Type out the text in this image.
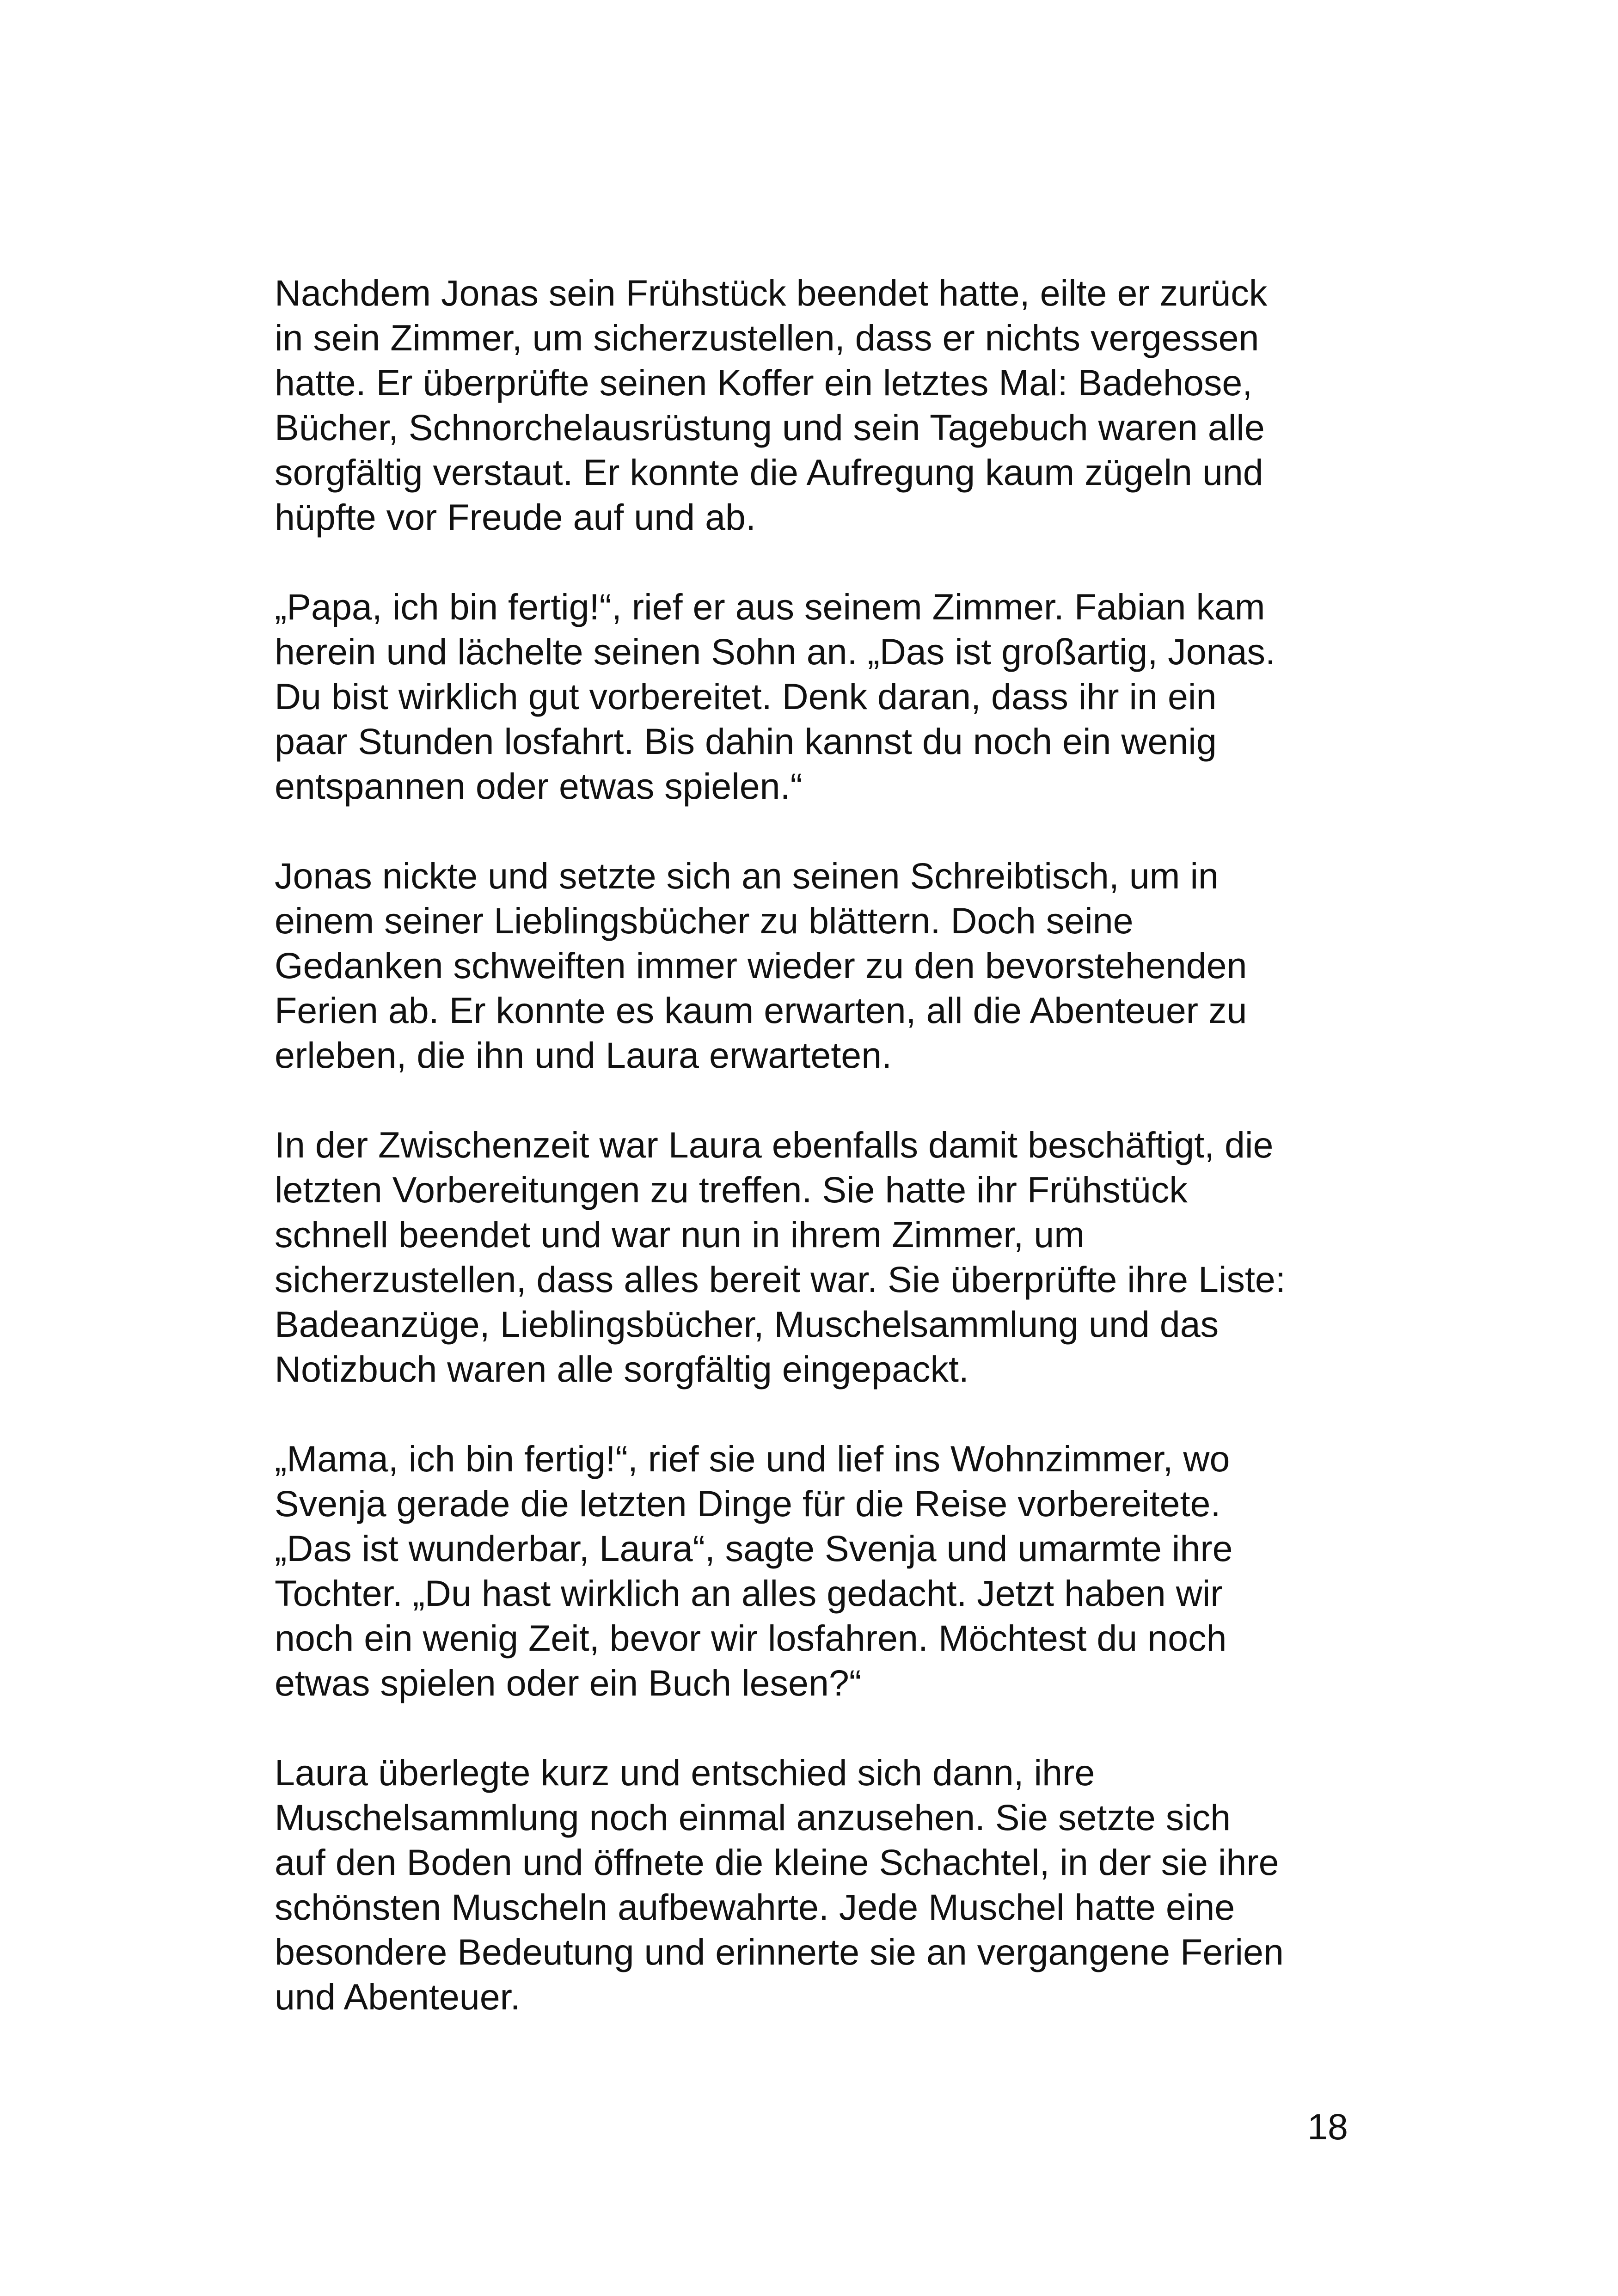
Nachdem Jonas sein Frühstück beendet hatte, eilte er zurück
in sein Zimmer, um sicherzustellen, dass er nichts vergessen
hatte. Er überprüfte seinen Koffer ein letztes Mal: Badehose,
Bücher, Schnorchelausrüstung und sein Tagebuch waren alle
sorgfältig verstaut. Er konnte die Aufregung kaum zügeln und
hüpfte vor Freude auf und ab.

„Papa, ich bin fertig!“, rief er aus seinem Zimmer. Fabian kam
herein und lächelte seinen Sohn an. „Das ist großartig, Jonas.
Du bist wirklich gut vorbereitet. Denk daran, dass ihr in ein
paar Stunden losfahrt. Bis dahin kannst du noch ein wenig
entspannen oder etwas spielen.“

Jonas nickte und setzte sich an seinen Schreibtisch, um in
einem seiner Lieblingsbücher zu blättern. Doch seine
Gedanken schweiften immer wieder zu den bevorstehenden
Ferien ab. Er konnte es kaum erwarten, all die Abenteuer zu
erleben, die ihn und Laura erwarteten.

In der Zwischenzeit war Laura ebenfalls damit beschäftigt, die
letzten Vorbereitungen zu treffen. Sie hatte ihr Frühstück
schnell beendet und war nun in ihrem Zimmer, um
sicherzustellen, dass alles bereit war. Sie überprüfte ihre Liste:
Badeanzüge, Lieblingsbücher, Muschelsammlung und das
Notizbuch waren alle sorgfältig eingepackt.

„Mama, ich bin fertig!“, rief sie und lief ins Wohnzimmer, wo
Svenja gerade die letzten Dinge für die Reise vorbereitete.
„Das ist wunderbar, Laura“, sagte Svenja und umarmte ihre
Tochter. „Du hast wirklich an alles gedacht. Jetzt haben wir
noch ein wenig Zeit, bevor wir losfahren. Möchtest du noch
etwas spielen oder ein Buch lesen?“

Laura überlegte kurz und entschied sich dann, ihre
Muschelsammlung noch einmal anzusehen. Sie setzte sich
auf den Boden und öffnete die kleine Schachtel, in der sie ihre
schönsten Muscheln aufbewahrte. Jede Muschel hatte eine
besondere Bedeutung und erinnerte sie an vergangene Ferien
und Abenteuer.

18
